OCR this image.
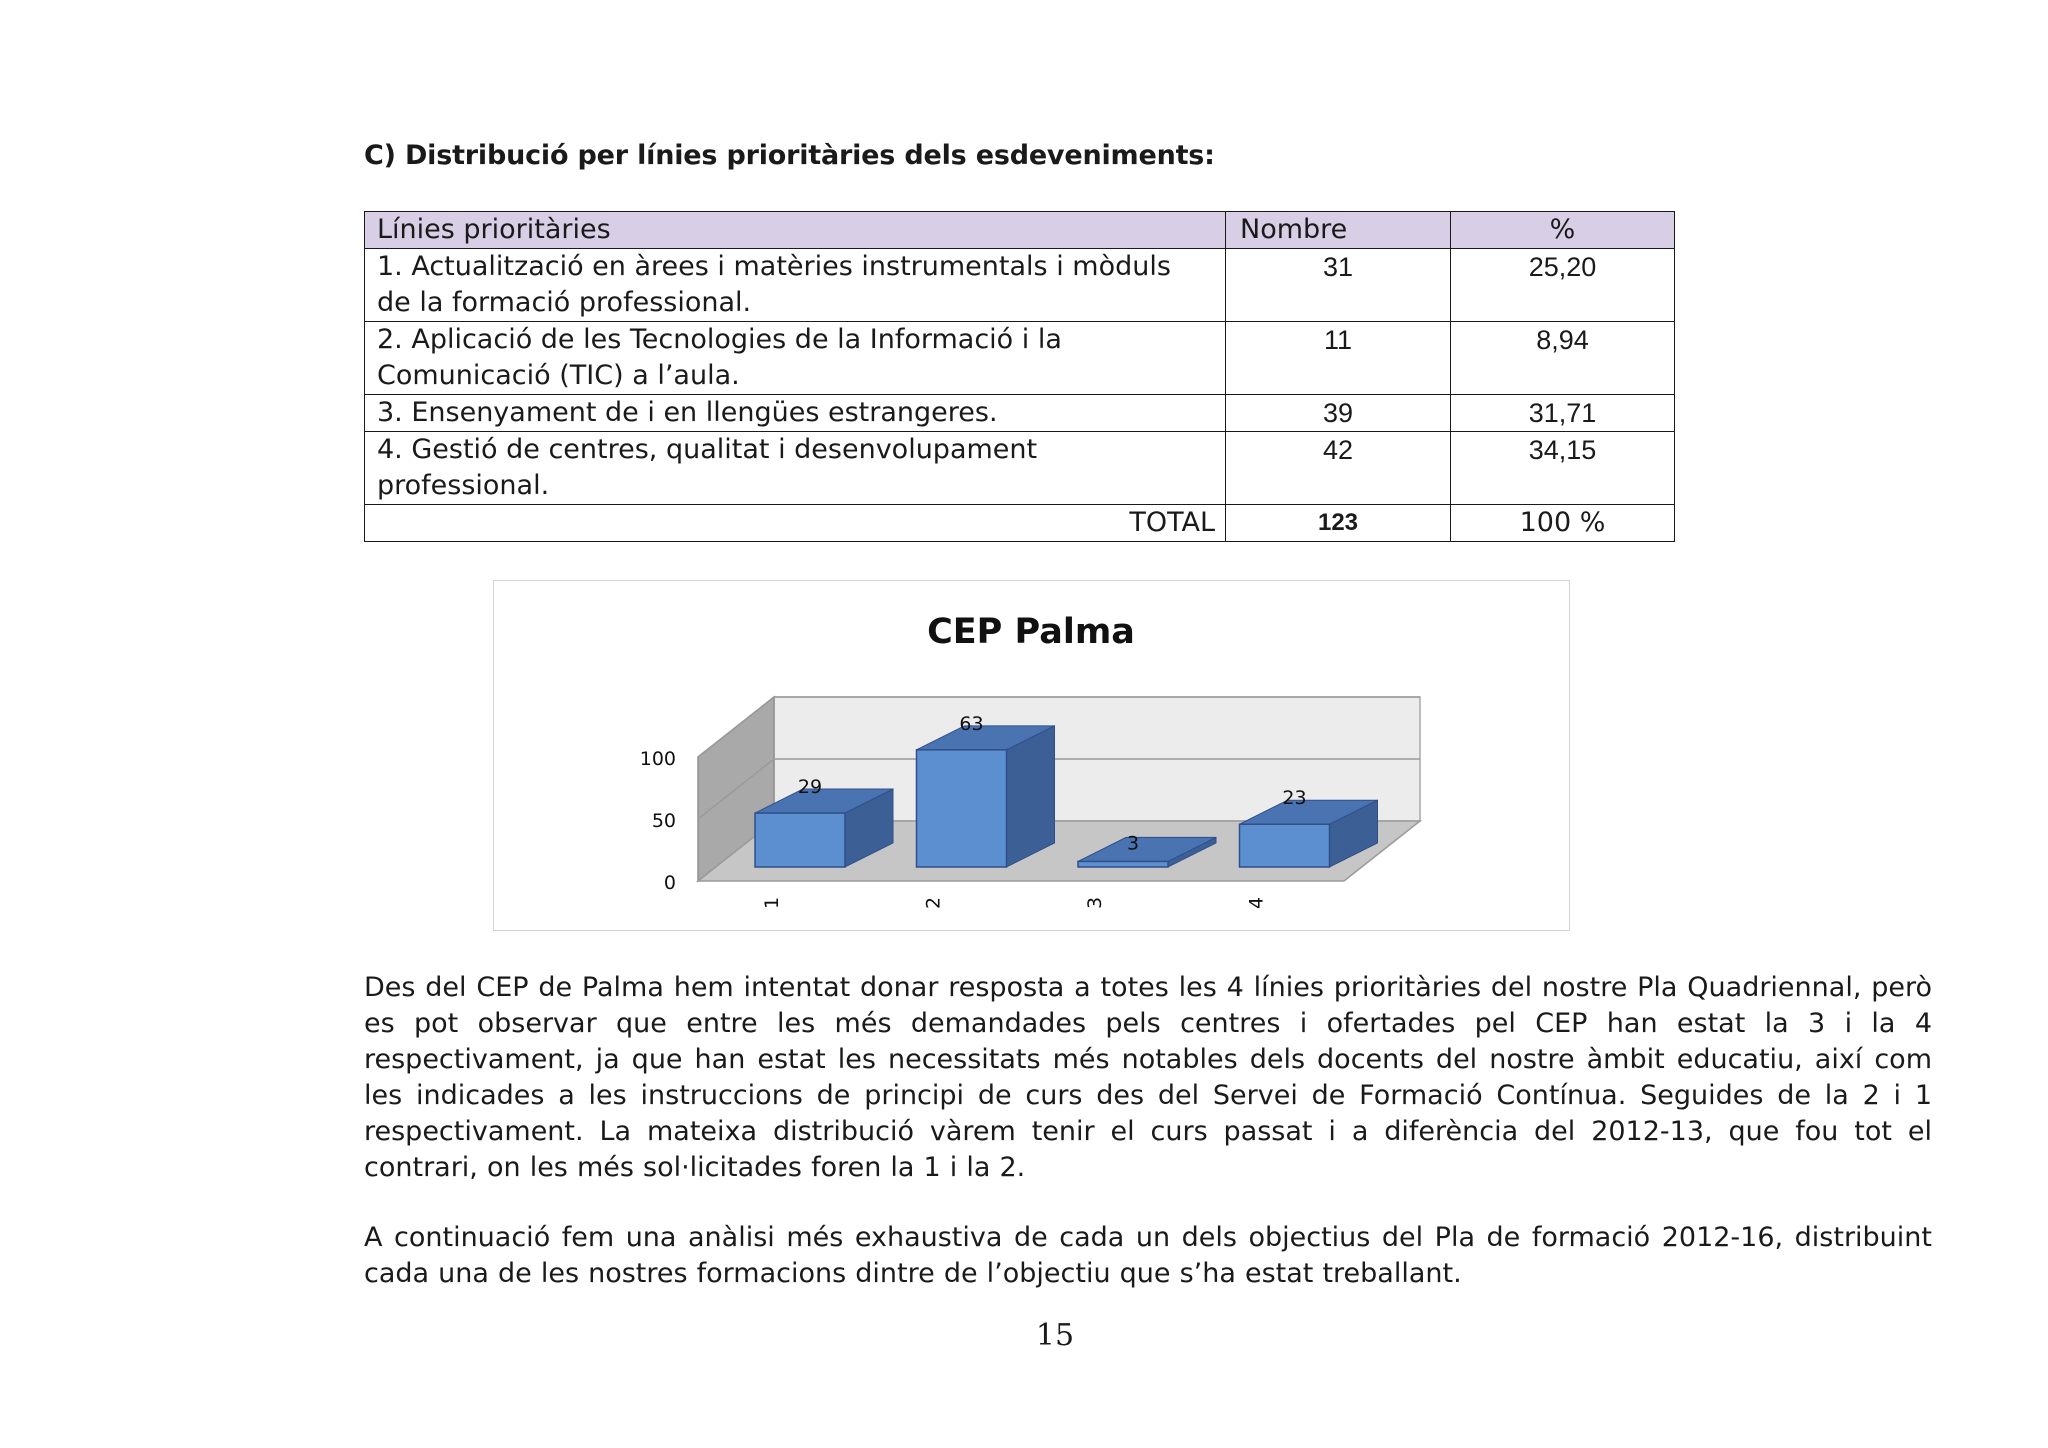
C) Distribució per línies prioritàries dels esdeveniments:

Línies prioritàries	Nombre	%
1. Actualització en àrees i matèries instrumentals i mòduls de la formació professional.	31	25,20
2. Aplicació de les Tecnologies de la Informació i la Comunicació (TIC) a l’aula.	11	8,94
3. Ensenyament de i en llengües estrangeres.	39	31,71
4. Gestió de centres, qualitat i desenvolupament professional.	42	34,15
TOTAL	123	100 %
CEP Palma
0
50
100
29
63
3
23
1	2	3	4

Des del CEP de Palma hem intentat donar resposta a totes les 4 línies prioritàries del nostre Pla Quadriennal, però es pot observar que entre les més demandades pels centres i ofertades pel CEP han estat la 3 i la 4 respectivament, ja que han estat les necessitats més notables dels docents del nostre àmbit educatiu, així com les indicades a les instruccions de principi de curs des del Servei de Formació Contínua. Seguides de la 2 i 1 respectivament. La mateixa distribució vàrem tenir el curs passat i a diferència del 2012-13, que fou tot el contrari, on les més sol·licitades foren la 1 i la 2.

A continuació fem una anàlisi més exhaustiva de cada un dels objectius del Pla de formació 2012-16, distribuint cada una de les nostres formacions dintre de l’objectiu que s’ha estat treballant.

15
